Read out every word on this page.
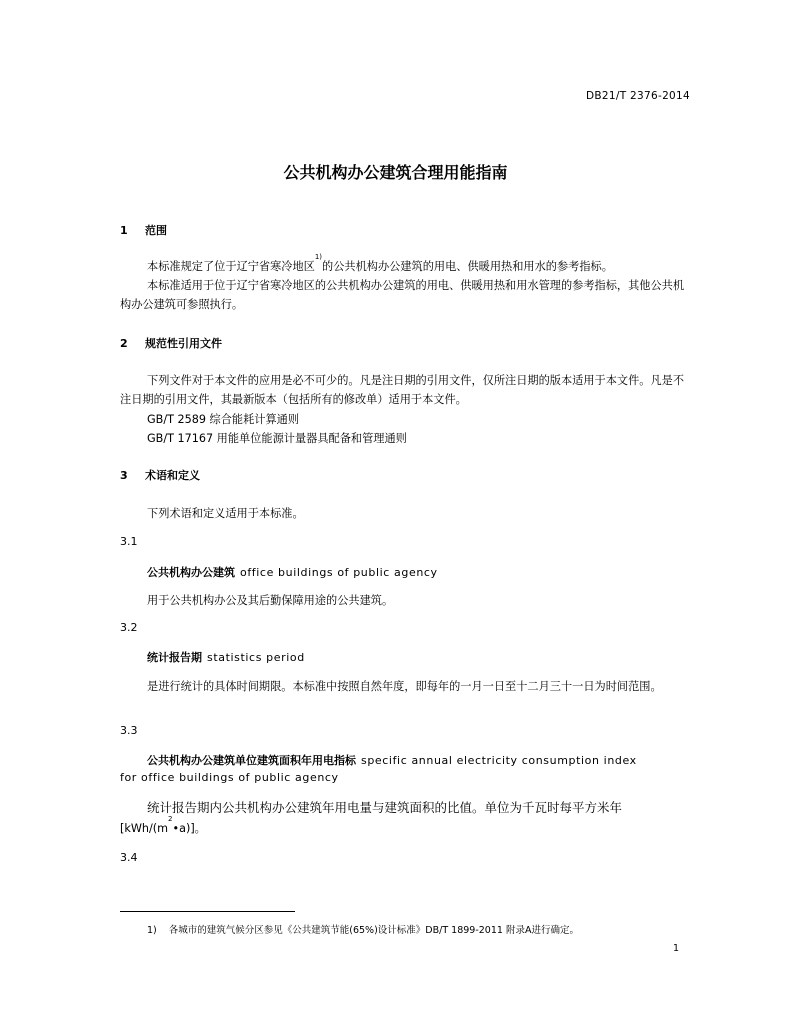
DB21/T 2376-2014
公共机构办公建筑合理用能指南
1 范围
本标准规定了位于辽宁省寒冷地区$^{1)}$的公共机构办公建筑的用电、供暖用热和用水的参考指标。
本标准适用于位于辽宁省寒冷地区的公共机构办公建筑的用电、供暖用热和用水管理的参考指标，其他公共机构办公建筑可参照执行。
2 规范性引用文件
下列文件对于本文件的应用是必不可少的。凡是注日期的引用文件，仅所注日期的版本适用于本文件。凡是不注日期的引用文件，其最新版本（包括所有的修改单）适用于本文件。
GB/T 2589 综合能耗计算通则
GB/T 17167 用能单位能源计量器具配备和管理通则
3 术语和定义
下列术语和定义适用于本标准。
3.1
公共机构办公建筑 office buildings of public agency
用于公共机构办公及其后勤保障用途的公共建筑。
3.2
统计报告期 statistics period
是进行统计的具体时间期限。本标准中按照自然年度，即每年的一月一日至十二月三十一日为时间范围。
3.3
公共机构办公建筑单位建筑面积年用电指标 specific annual electricity consumption index
for office buildings of public agency
统计报告期内公共机构办公建筑年用电量与建筑面积的比值。单位为千瓦时每平方米年
$[kWh/(m^2•a)]$。
3.4
1) 各城市的建筑气候分区参见《公共建筑节能(65%)设计标准》DB/T 1899-2011 附录A进行确定。
1
